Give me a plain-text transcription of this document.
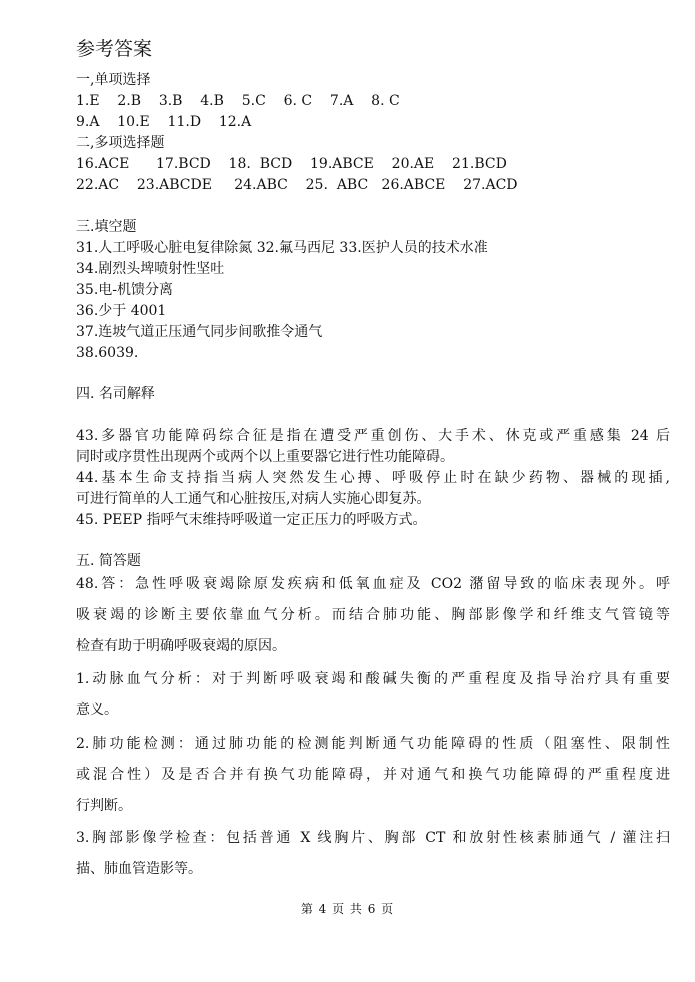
参考答案
一,单项选择
1.E    2.B    3.B    4.B    5.C    6. C    7.A    8. C
9.A    10.E    11.D    12.A
二,多项选择题
16.ACE      17.BCD    18.  BCD    19.ABCE    20.AE    21.BCD
22.AC    23.ABCDE     24.ABC    25.  ABC   26.ABCE    27.ACD
三.填空题
31.人工呼吸心脏电复律除氮 32.氟马西尼 33.医护人员的技术水准
34.剧烈头埤喷射性坚吐
35.电-机馈分离
36.少于 4001
37.连坡气道正压通气同步间歌推令通气
38.6039.
四. 名司解释
43.多器官功能障码综合征是指在遭受严重创伤、大手术、休克或严重感集 24 后
同时或序贯性出现两个或两个以上重要器它进行性功能障碍。
44.基本生命支持指当病人突然发生心搏、呼吸停止时在缺少药物、器械的现插,
可进行简单的人工通气和心脏按压,对病人实施心即复苏。
45. PEEP 指呼气末维持呼吸道一定正压力的呼吸方式。
五. 简答题
48.答：急性呼吸衰竭除原发疾病和低氧血症及 CO2 潴留导致的临床表现外。呼
吸衰竭的诊断主要依靠血气分析。而结合肺功能、胸部影像学和纤维支气管镜等
检查有助于明确呼吸衰竭的原因。
1.动脉血气分析：对于判断呼吸衰竭和酸碱失衡的严重程度及指导治疗具有重要
意义。
2.肺功能检测：通过肺功能的检测能判断通气功能障碍的性质（阻塞性、限制性
或混合性）及是否合并有换气功能障碍，并对通气和换气功能障碍的严重程度进
行判断。
3.胸部影像学检查：包括普通 X 线胸片、胸部 CT 和放射性核素肺通气 / 灌注扫
描、肺血管造影等。
第 4 页 共 6 页
